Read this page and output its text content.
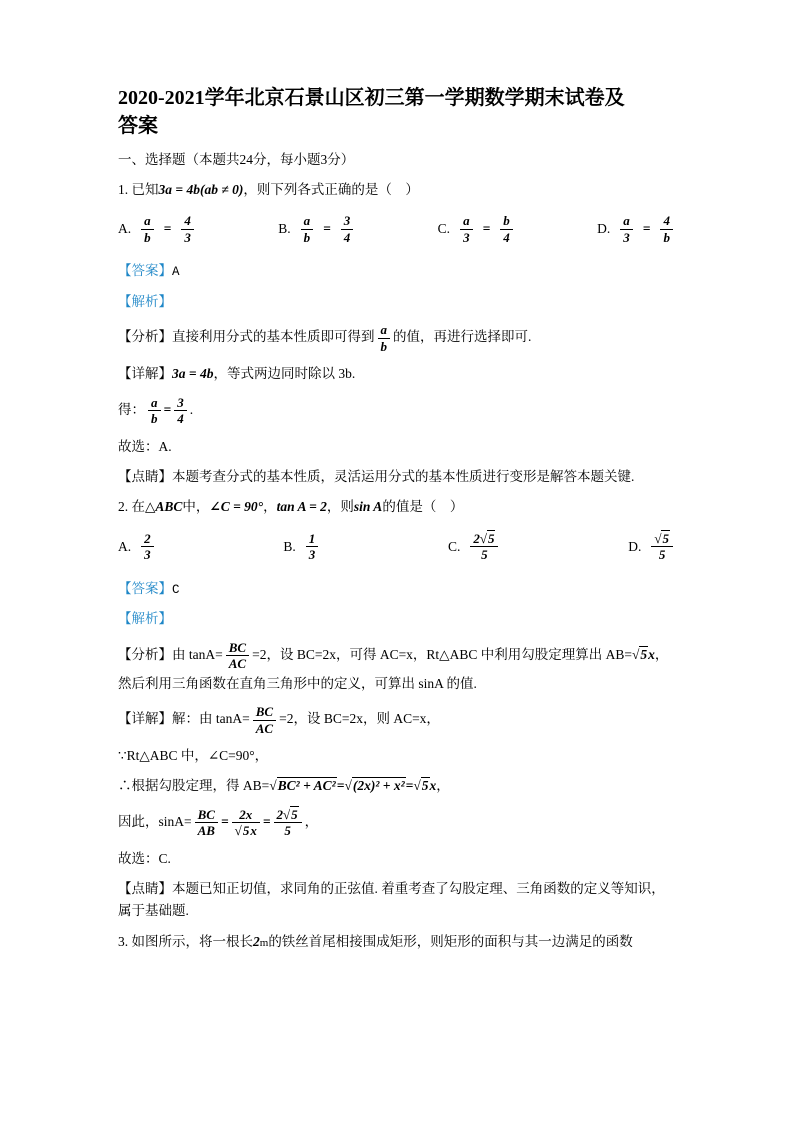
2020-2021学年北京石景山区初三第一学期数学期末试卷及
答案

一、选择题（本题共24分，每小题3分）

1. 已知3a = 4b(ab ≠ 0)，则下列各式正确的是（　）

A. $\frac{a}{b} = \frac{4}{3}$	B. $\frac{a}{b} = \frac{3}{4}$	C. $\frac{a}{3} = \frac{b}{4}$	D. $\frac{a}{3} = \frac{4}{b}$

【答案】A

【解析】

【分析】直接利用分式的基本性质即可得到 $\frac{a}{b}$ 的值，再进行选择即可.

【详解】3a = 4b，等式两边同时除以 3b.

得： $\frac{a}{b} = \frac{3}{4}$ .

故选：A.

【点睛】本题考查分式的基本性质，灵活运用分式的基本性质进行变形是解答本题关键.

2. 在△ABC中，∠C = 90°，tan A = 2，则sin A的值是（　）

A. $\frac{2}{3}$	B. $\frac{1}{3}$	C. $\frac{2 √ 5}{5}$	D. √ $\frac{5}{5}$

【答案】C

【解析】

【分析】由 $\tan A= \frac{BC}{AC} =2$，设 BC=2x，可得 AC=x，Rt△ABC 中利用勾股定理算出 AB= √ 5x，然后利用三角函数在直角三角形中的定义，可算出 sinA 的值.

【详解】解：由 $\tan A= \frac{BC}{AC} =2$，设 BC=2x，则 AC=x，

∵Rt△ABC 中，∠C=90°，

∴根据勾股定理，得 AB= √ BC² + AC²= √ (2x)² + x²= √ 5x，

因此，$\sin A= \frac{BC}{AB} = 2x$
√ $5x = \frac{2 √ 5}{5}$ ，

故选：C.

【点睛】本题已知正切值，求同角的正弦值. 着重考查了勾股定理、三角函数的定义等知识，属于基础题.

3. 如图所示，将一根长2m的铁丝首尾相接围成矩形，则矩形的面积与其一边满足的函数
